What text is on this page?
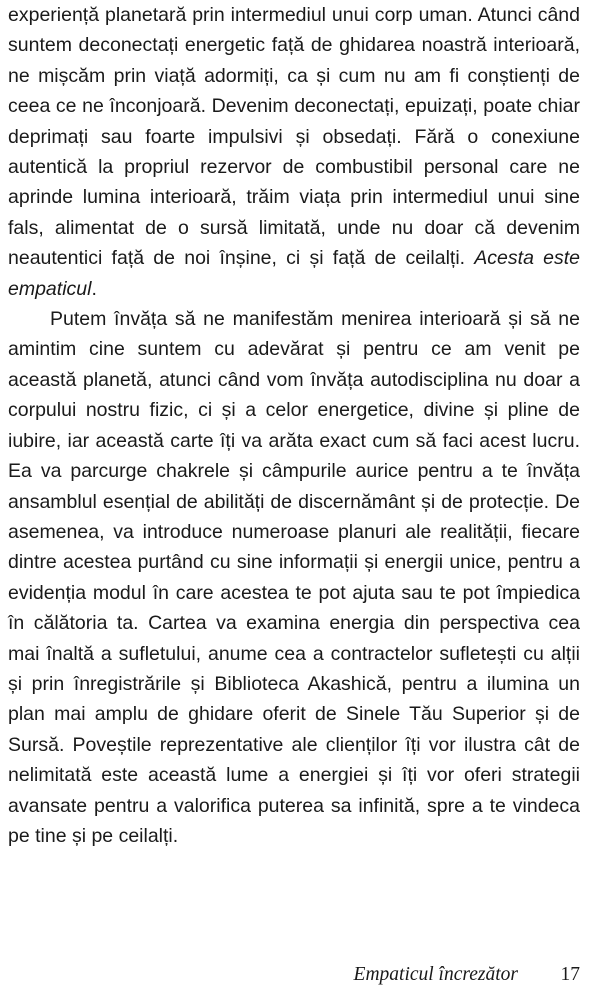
experiență planetară prin intermediul unui corp uman. Atunci când suntem deconectați energetic față de ghidarea noastră interioară, ne mișcăm prin viață adormiți, ca și cum nu am fi conștienți de ceea ce ne înconjoară. Devenim deconectați, epuizați, poate chiar deprimați sau foarte impulsivi și obsedați. Fără o conexiune autentică la propriul rezervor de combustibil personal care ne aprinde lumina interioară, trăim viața prin intermediul unui sine fals, alimentat de o sursă limitată, unde nu doar că devenim neautentici față de noi înșine, ci și față de ceilalți. Acesta este empaticul.

Putem învăța să ne manifestăm menirea interioară și să ne amintim cine suntem cu adevărat și pentru ce am venit pe această planetă, atunci când vom învăța autodisciplina nu doar a corpului nostru fizic, ci și a celor energetice, divine și pline de iubire, iar această carte îți va arăta exact cum să faci acest lucru. Ea va parcurge chakrele și câmpurile aurice pentru a te învăța ansamblul esențial de abilități de discernământ și de protecție. De asemenea, va introduce numeroase planuri ale realității, fiecare dintre acestea purtând cu sine informații și energii unice, pentru a evidenția modul în care acestea te pot ajuta sau te pot împiedica în călătoria ta. Cartea va examina energia din perspectiva cea mai înaltă a sufletului, anume cea a contractelor sufletești cu alții și prin înregistrările și Biblioteca Akashică, pentru a ilumina un plan mai amplu de ghidare oferit de Sinele Tău Superior și de Sursă. Poveștile reprezentative ale clienților îți vor ilustra cât de nelimitată este această lume a energiei și îți vor oferi strategii avansate pentru a valorifica puterea sa infinită, spre a te vindeca pe tine și pe ceilalți.

Empaticul încrezător 17
